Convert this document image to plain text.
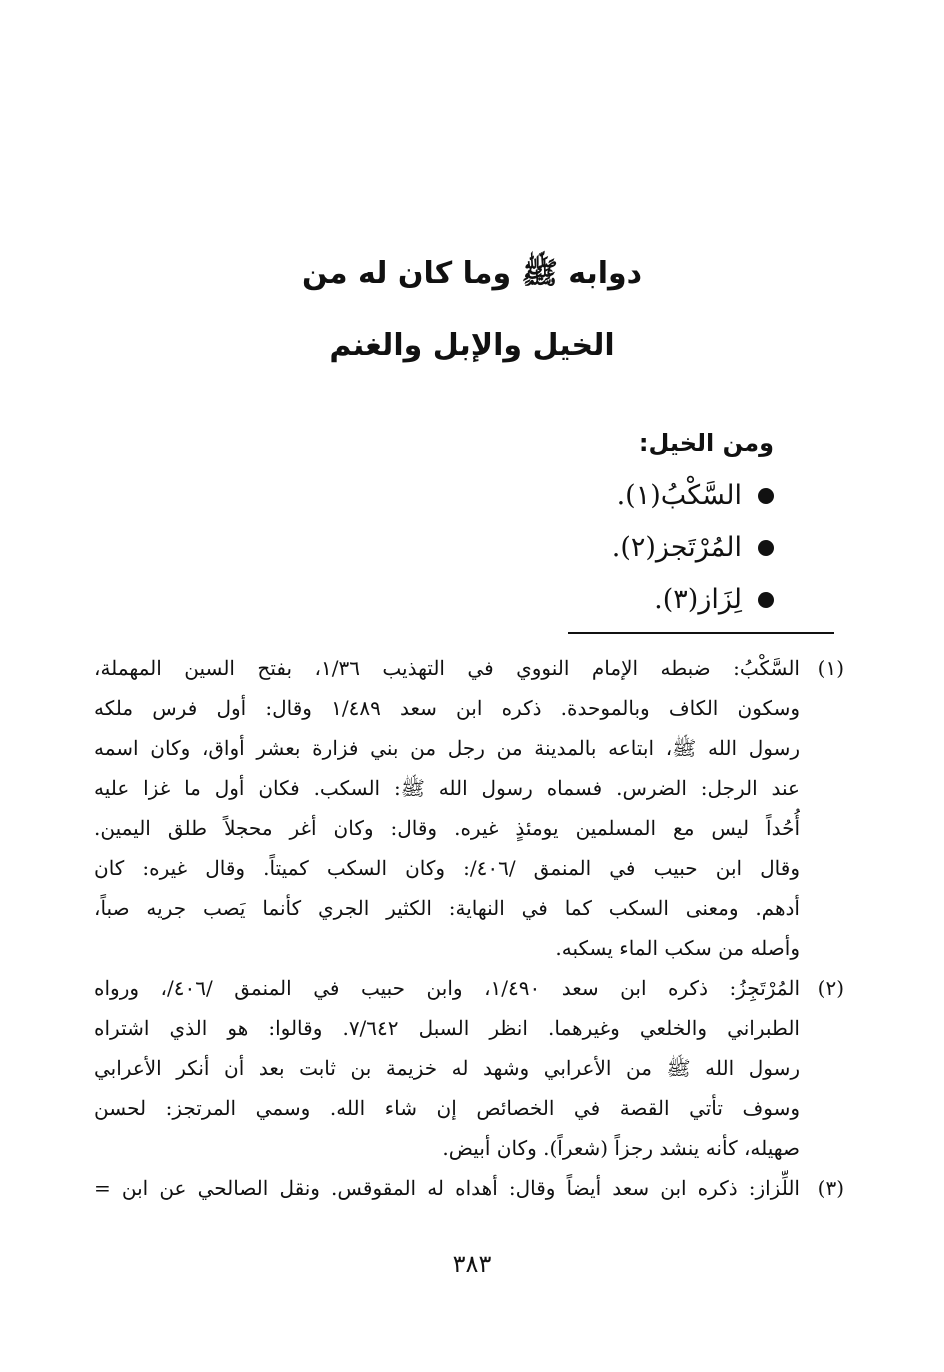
دوابه ﷺ وما كان له من
الخيل والإبل والغنم
ومن الخيل:
السَّكْبُ(١).
المُرْتَجز(٢).
لِزَاز(٣).
(١)
السَّكْبُ: ضبطه الإمام النووي في التهذيب ١/٣٦، بفتح السين المهملة،
وسكون الكاف وبالموحدة. ذكره ابن سعد ١/٤٨٩ وقال: أول فرس ملكه
رسول الله ﷺ، ابتاعه بالمدينة من رجل من بني فزارة بعشر أواق، وكان اسمه
عند الرجل: الضرس. فسماه رسول الله ﷺ: السكب. فكان أول ما غزا عليه
أُحُداً ليس مع المسلمين يومئذٍ غيره. وقال: وكان أغر محجلاً طلق اليمين.
وقال ابن حبيب في المنمق /٤٠٦/: وكان السكب كميتاً. وقال غيره: كان
أدهم. ومعنى السكب كما في النهاية: الكثير الجري كأنما يَصب جريه صباً،
وأصله من سكب الماء يسكبه.
(٢)
المُرْتَجِزُ: ذكره ابن سعد ١/٤٩٠، وابن حبيب في المنمق /٤٠٦/، ورواه
الطبراني والخلعي وغيرهما. انظر السبل ٧/٦٤٢. وقالوا: هو الذي اشتراه
رسول الله ﷺ من الأعرابي وشهد له خزيمة بن ثابت بعد أن أنكر الأعرابي
وسوف تأتي القصة في الخصائص إن شاء الله. وسمي المرتجز: لحسن
صهيله، كأنه ينشد رجزاً (شعراً). وكان أبيض.
(٣)
اللِّزاز: ذكره ابن سعد أيضاً وقال: أهداه له المقوقس. ونقل الصالحي عن ابن =
٣٨٣
